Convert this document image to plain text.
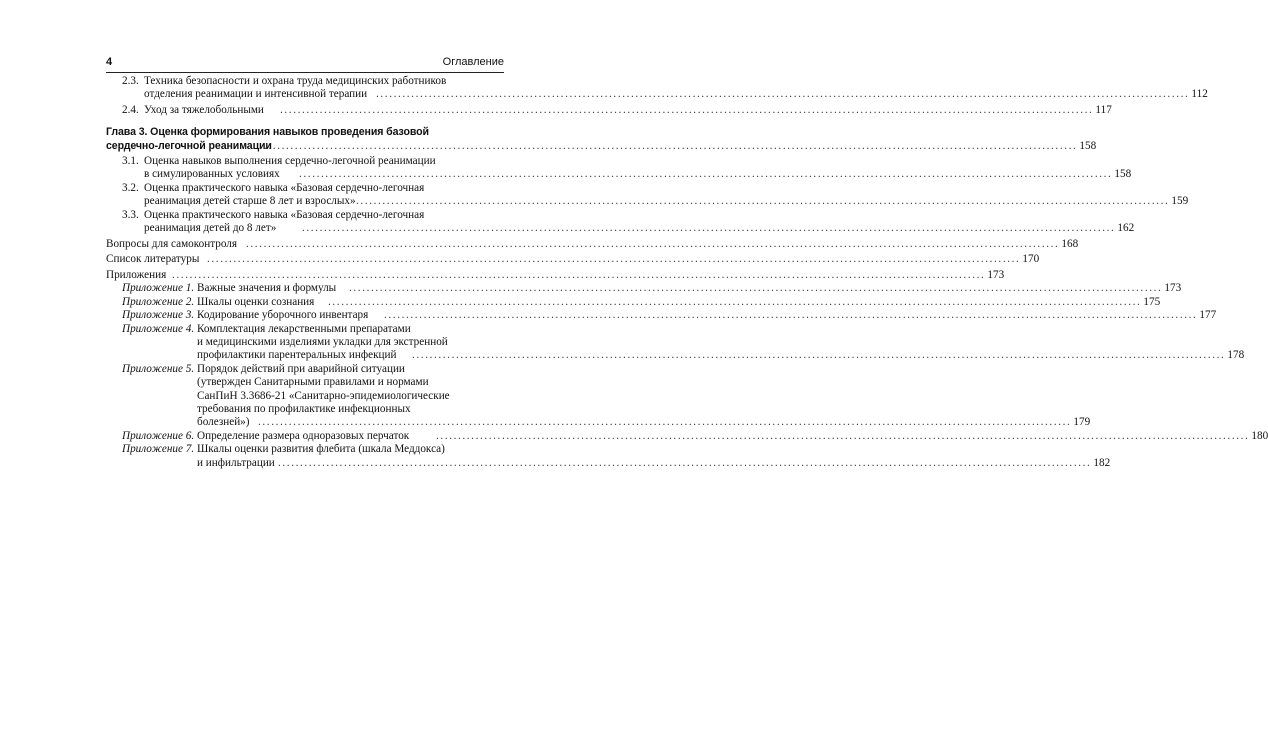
4	Оглавление
2.3. Техника безопасности и охрана труда медицинских работников
отделения реанимации и интенсивной терапии ......................................................................................................................................................................................... 112
2.4. Уход за тяжелобольными ......................................................................................................................................................................................... 117
Глава 3. Оценка формирования навыков проведения базовой
сердечно-легочной реанимации
......................................................................................................................................................................................... 158
3.1. Оценка навыков выполнения сердечно-легочной реанимации
в симулированных условиях ......................................................................................................................................................................................... 158
3.2. Оценка практического навыка «Базовая сердечно-легочная
реанимация детей старше 8 лет и взрослых» ......................................................................................................................................................................................... 159
3.3. Оценка практического навыка «Базовая сердечно-легочная
реанимация детей до 8 лет» ......................................................................................................................................................................................... 162
Вопросы для самоконтроля ......................................................................................................................................................................................... 168
Список литературы ......................................................................................................................................................................................... 170
Приложения ......................................................................................................................................................................................... 173
Приложение 1. Важные значения и формулы ......................................................................................................................................................................................... 173
Приложение 2. Шкалы оценки сознания ......................................................................................................................................................................................... 175
Приложение 3. Кодирование уборочного инвентаря ......................................................................................................................................................................................... 177
Приложение 4. Комплектация лекарственными препаратами
и медицинскими изделиями укладки для экстренной
профилактики парентеральных инфекций ......................................................................................................................................................................................... 178
Приложение 5. Порядок действий при аварийной ситуации
(утвержден Санитарными правилами и нормами
СанПиН 3.3686-21 «Санитарно-эпидемиологические
требования по профилактике инфекционных
болезней») ......................................................................................................................................................................................... 179
Приложение 6. Определение размера одноразовых перчаток ......................................................................................................................................................................................... 180
Приложение 7. Шкалы оценки развития флебита (шкала Меддокса)
и инфильтрации ......................................................................................................................................................................................... 182
